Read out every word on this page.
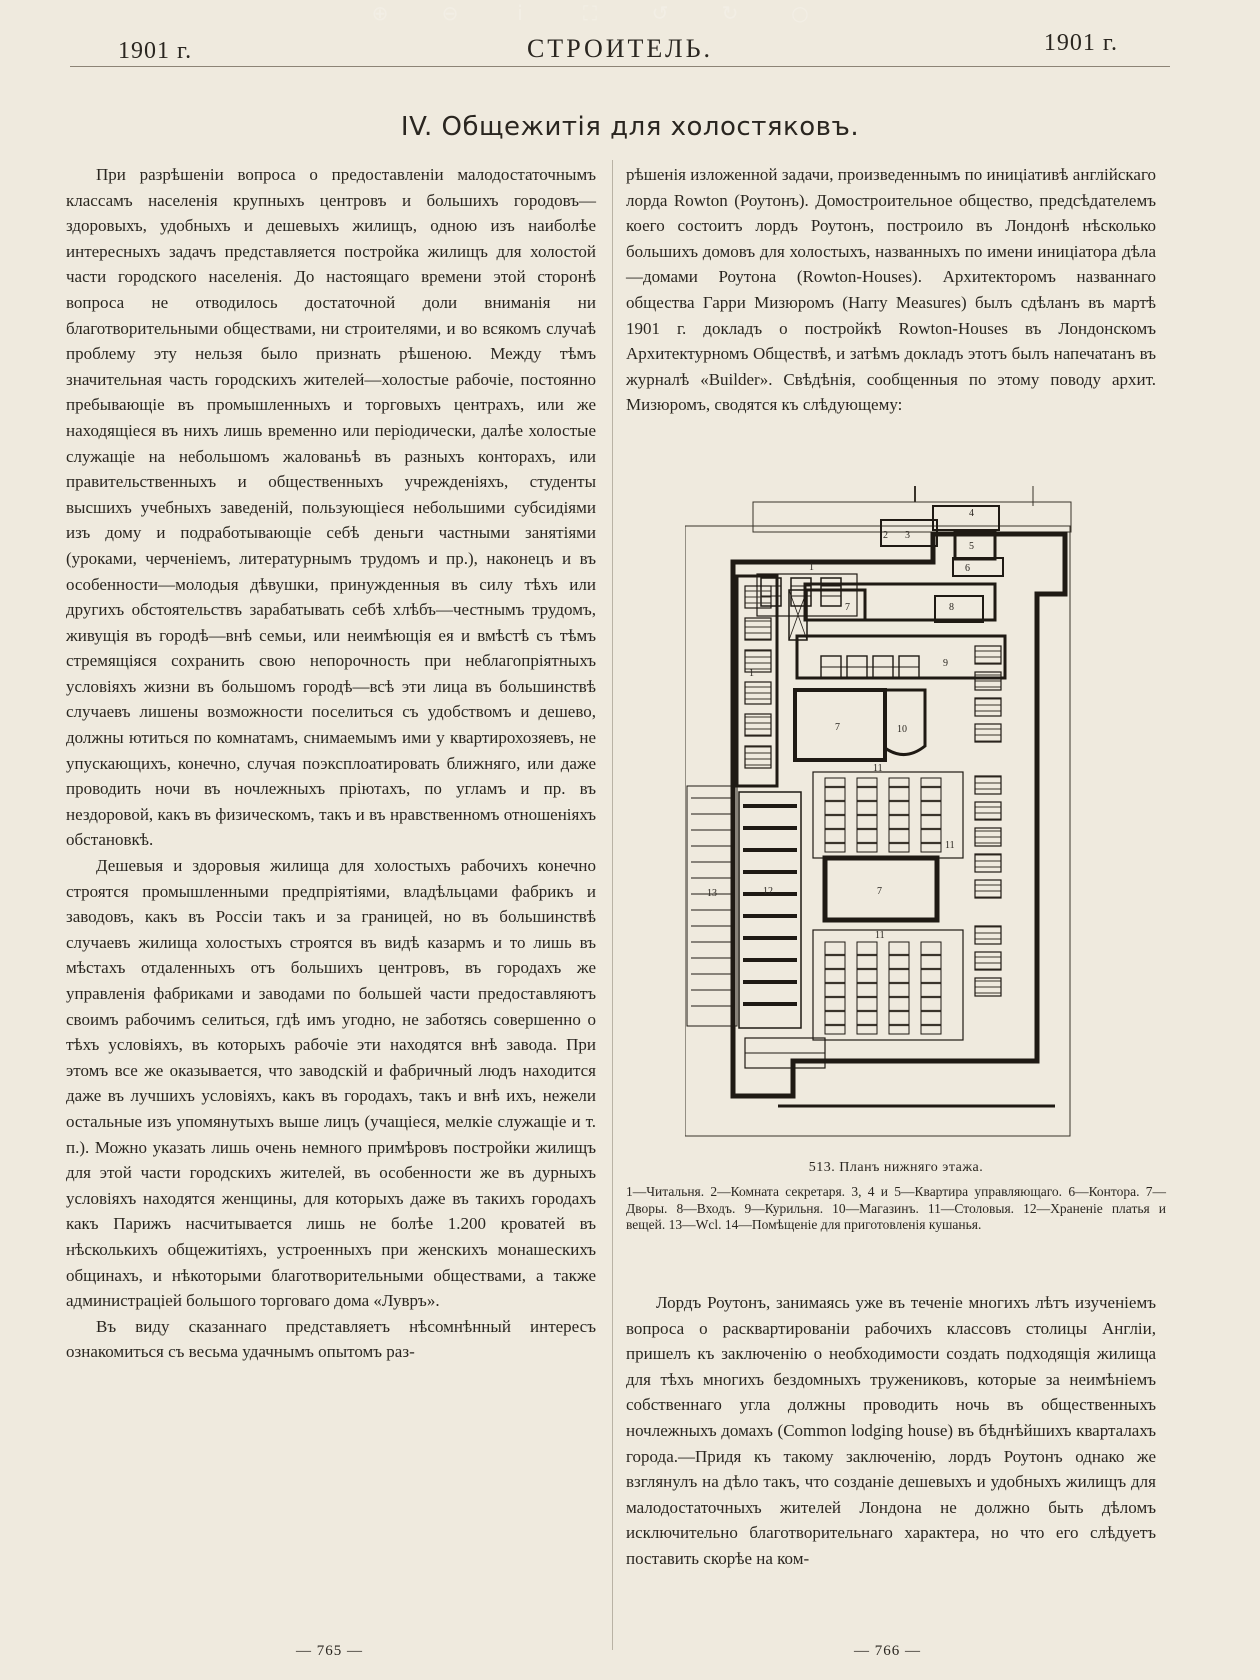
⊕	⊖	ⅰ	⛶	↺	↻	○
1901 г.	СТРОИТЕЛЬ.	1901 г.
IV. Общежитія для холостяковъ.

При разрѣшеніи вопроса о предоставленіи малодостаточнымъ классамъ населенія крупныхъ центровъ и большихъ городовъ—здоровыхъ, удобныхъ и дешевыхъ жилищъ, одною изъ наиболѣе интересныхъ задачъ представляется постройка жилищъ для холостой части городского населенія. До настоящаго времени этой сторонѣ вопроса не отводилось достаточной доли вниманія ни благотворительными обществами, ни строителями, и во всякомъ случаѣ проблему эту нельзя было признать рѣшеною. Между тѣмъ значительная часть городскихъ жителей—холостые рабочіе, постоянно пребывающіе въ промышленныхъ и торговыхъ центрахъ, или же находящіеся въ нихъ лишь временно или періодически, далѣе холостые служащіе на небольшомъ жалованьѣ въ разныхъ конторахъ, или правительственныхъ и общественныхъ учрежденіяхъ, студенты высшихъ учебныхъ заведеній, пользующіеся небольшими субсидіями изъ дому и подработывающіе себѣ деньги частными занятіями (уроками, черченіемъ, литературнымъ трудомъ и пр.), наконецъ и въ особенности—молодыя дѣвушки, принужденныя въ силу тѣхъ или другихъ обстоятельствъ зарабатывать себѣ хлѣбъ—честнымъ трудомъ, живущія въ городѣ—внѣ семьи, или неимѣющія ея и вмѣстѣ съ тѣмъ стремящіяся сохранить свою непорочность при неблагопріятныхъ условіяхъ жизни въ большомъ городѣ—всѣ эти лица въ большинствѣ случаевъ лишены возможности поселиться съ удобствомъ и дешево, должны ютиться по комнатамъ, снимаемымъ ими у квартирохозяевъ, не упускающихъ, конечно, случая поэксплоатировать ближняго, или даже проводить ночи въ ночлежныхъ пріютахъ, по угламъ и пр. въ нездоровой, какъ въ физическомъ, такъ и въ нравственномъ отношеніяхъ обстановкѣ.

Дешевыя и здоровыя жилища для холостыхъ рабочихъ конечно строятся промышленными предпріятіями, владѣльцами фабрикъ и заводовъ, какъ въ Россіи такъ и за границей, но въ большинствѣ случаевъ жилища холостыхъ строятся въ видѣ казармъ и то лишь въ мѣстахъ отдаленныхъ отъ большихъ центровъ, въ городахъ же управленія фабриками и заводами по большей части предоставляютъ своимъ рабочимъ селиться, гдѣ имъ угодно, не заботясь совершенно о тѣхъ условіяхъ, въ которыхъ рабочіе эти находятся внѣ завода. При этомъ все же оказывается, что заводскій и фабричный людъ находится даже въ лучшихъ условіяхъ, какъ въ городахъ, такъ и внѣ ихъ, нежели остальные изъ упомянутыхъ выше лицъ (учащіеся, мелкіе служащіе и т. п.). Можно указать лишь очень немного примѣровъ постройки жилищъ для этой части городскихъ жителей, въ особенности же въ дурныхъ условіяхъ находятся женщины, для которыхъ даже въ такихъ городахъ какъ Парижъ насчитывается лишь не болѣе 1.200 кроватей въ нѣсколькихъ общежитіяхъ, устроенныхъ при женскихъ монашескихъ общинахъ, и нѣкоторыми благотворительными обществами, а также администраціей большого торговаго дома «Лувръ».

Въ виду сказаннаго представляетъ нѣсомнѣнный интересъ ознакомиться съ весьма удачнымъ опытомъ раз-

рѣшенія изложенной задачи, произведеннымъ по иниціативѣ англійскаго лорда Rowton (Роутонъ). Домостроительное общество, предсѣдателемъ коего состоитъ лордъ Роутонъ, построило въ Лондонѣ нѣсколько большихъ домовъ для холостыхъ, названныхъ по имени иниціатора дѣла—домами Роутона (Rowton-Houses). Архитекторомъ названнаго общества Гарри Мизюромъ (Harry Measures) былъ сдѣланъ въ мартѣ 1901 г. докладъ о постройкѣ Rowton-Houses въ Лондонскомъ Архитектурномъ Обществѣ, и затѣмъ докладъ этотъ былъ напечатанъ въ журналѣ «Builder». Свѣдѣнія, сообщенныя по этому поводу архит. Мизюромъ, сводятся къ слѣдующему:

1
1
2 3
4
5
6
7
7
7
8
9
10
11
11
11
12
13
513. Планъ нижняго этажа.

1—Читальня. 2—Комната секретаря. 3, 4 и 5—Квартира управляющаго. 6—Контора. 7—Дворы. 8—Входъ. 9—Курильня. 10—Магазинъ. 11—Столовыя. 12—Храненіе платья и вещей. 13—Wcl. 14—Помѣщеніе для приготовленія кушанья.

Лордъ Роутонъ, занимаясь уже въ теченіе многихъ лѣтъ изученіемъ вопроса о расквартированіи рабочихъ классовъ столицы Англіи, пришелъ къ заключенію о необходимости создать подходящія жилища для тѣхъ многихъ бездомныхъ тружениковъ, которые за неимѣніемъ собственнаго угла должны проводить ночь въ общественныхъ ночлежныхъ домахъ (Common lodging house) въ бѣднѣйшихъ кварталахъ города.—Придя къ такому заключенію, лордъ Роутонъ однако же взглянулъ на дѣло такъ, что созданіе дешевыхъ и удобныхъ жилищъ для малодостаточныхъ жителей Лондона не должно быть дѣломъ исключительно благотворительнаго характера, но что его слѣдуетъ поставить скорѣе на ком-

— 765 —	— 766 —
